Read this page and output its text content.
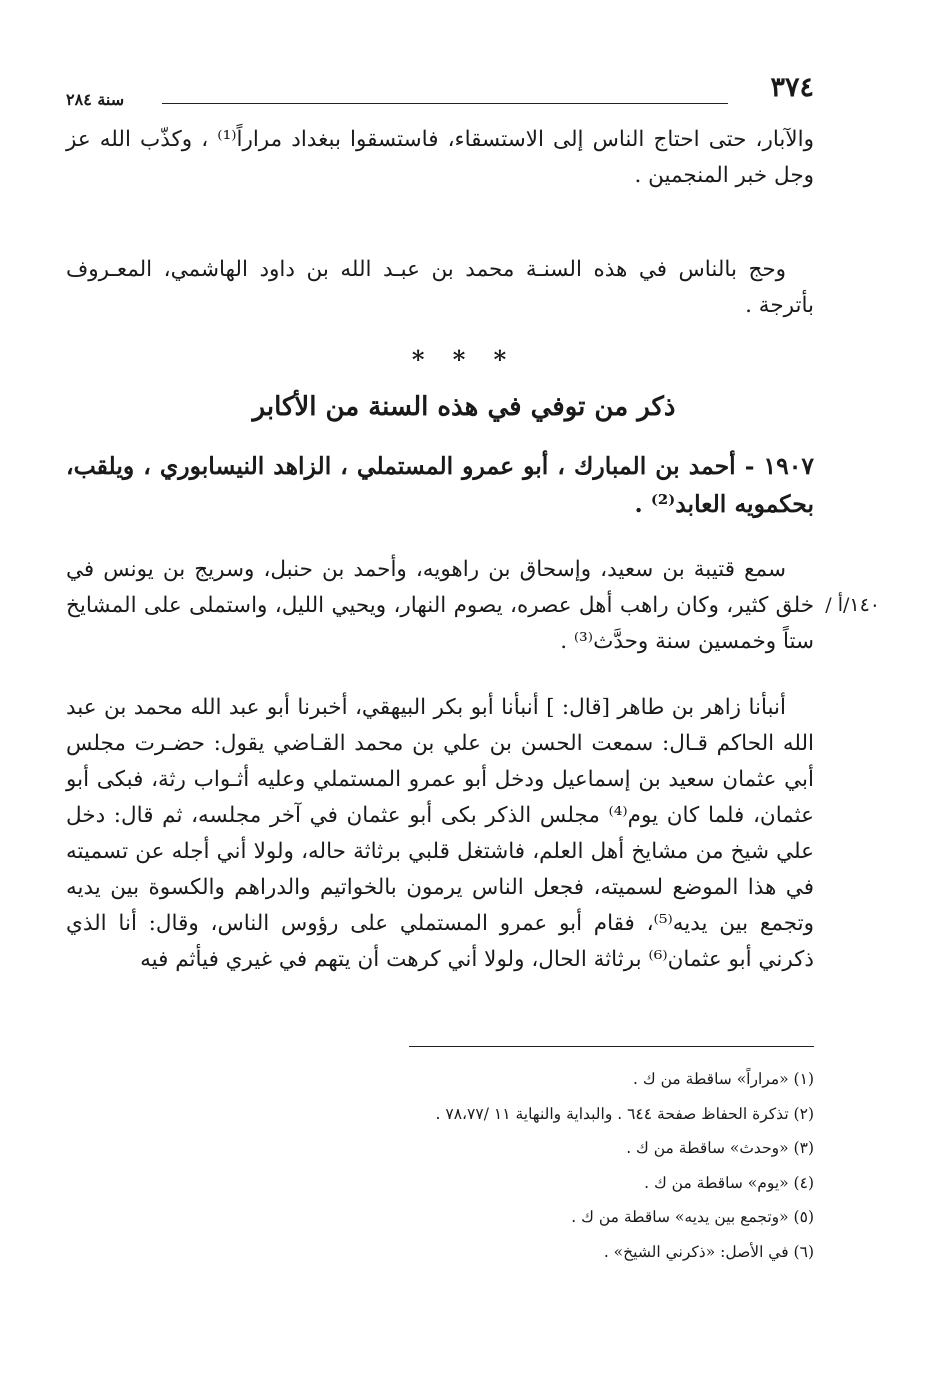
٣٧٤
سنة ٢٨٤

والآبار، حتى احتاج الناس إلى الاستسقاء، فاستسقوا ببغداد مراراً⁽¹⁾ ، وكذّب الله عز وجل خبر المنجمين .

وحج بالناس في هذه السنـة محمد بن عبـد الله بن داود الهاشمي، المعـروف بأترجة .

* * *
ذكر من توفي في هذه السنة من الأكابر

١٩٠٧ - أحمد بن المبارك ، أبو عمرو المستملي ، الزاهد النيسابوري ، ويلقب، بحكمويه العابد⁽²⁾ .

سمع قتيبة بن سعيد، وإسحاق بن راهويه، وأحمد بن حنبل، وسريج بن يونس في خلق كثير، وكان راهب أهل عصره، يصوم النهار، ويحيي الليل، واستملى على المشايخ ستاً وخمسين سنة وحدَّث⁽³⁾ .

١٤٠/أ /

أنبأنا زاهر بن طاهر [قال: ] أنبأنا أبو بكر البيهقي، أخبرنا أبو عبد الله محمد بن عبد الله الحاكم قـال: سمعت الحسن بن علي بن محمد القـاضي يقول: حضـرت مجلس أبي عثمان سعيد بن إسماعيل ودخل أبو عمرو المستملي وعليه أثـواب رثة، فبكى أبو عثمان، فلما كان يوم⁽⁴⁾ مجلس الذكر بكى أبو عثمان في آخر مجلسه، ثم قال: دخل علي شيخ من مشايخ أهل العلم، فاشتغل قلبي برثاثة حاله، ولولا أني أجله عن تسميته في هذا الموضع لسميته، فجعل الناس يرمون بالخواتيم والدراهم والكسوة بين يديه وتجمع بين يديه⁽⁵⁾، فقام أبو عمرو المستملي على رؤوس الناس، وقال: أنا الذي ذكرني أبو عثمان⁽⁶⁾ برثاثة الحال، ولولا أني كرهت أن يتهم في غيري فيأثم فيه

(١) «مراراً» ساقطة من ك .
(٢) تذكرة الحفاظ صفحة ٦٤٤ . والبداية والنهاية ١١ /٧٨،٧٧ .
(٣) «وحدث» ساقطة من ك .
(٤) «يوم» ساقطة من ك .
(٥) «وتجمع بين يديه» ساقطة من ك .
(٦) في الأصل: «ذكرني الشيخ» .
